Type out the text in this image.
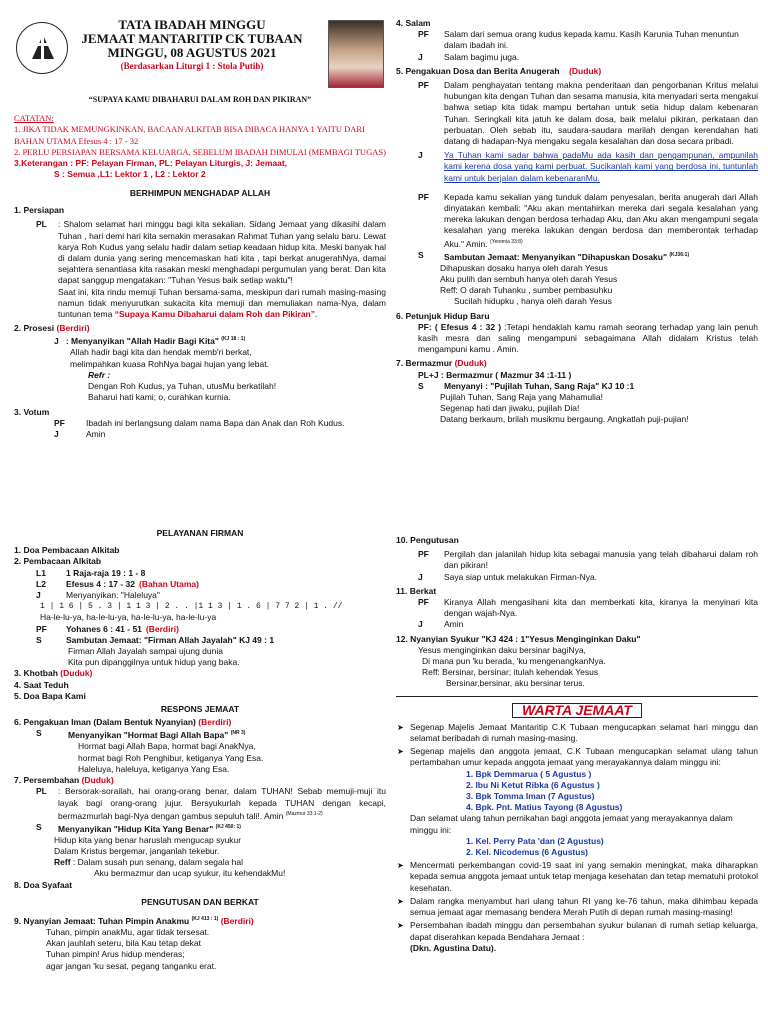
TATA IBADAH MINGGU
JEMAAT MANTARITIP CK TUBAAN
MINGGU, 08 AGUSTUS 2021
(Berdasarkan Liturgi 1 : Stola Putih)
“SUPAYA KAMU DIBAHARUI DALAM ROH DAN PIKIRAN”
CATATAN:
1. JIKA TIDAK MEMUNGKINKAN, BACAAN ALKITAB BISA DIBACA HANYA 1 YAITU DARI BAHAN UTAMA Efesus 4 : 17 - 32
2. PERLU PERSIAPAN BERSAMA KELUARGA, SEBELUM IBADAH DIMULAI (MEMBAGI TUGAS)
3.Keterangan : PF: Pelayan Firman, PL: Pelayan Liturgis, J: Jemaat,
S : Semua ,L1: Lektor 1 , L2 : Lektor 2
BERHIMPUN MENGHADAP ALLAH
1. Persiapan
PL	: Shalom selamat hari minggu bagi kita sekalian. Sidang Jemaat yang dikasihi dalam Tuhan , hari demi hari kita semakin merasakan Rahmat Tuhan yang selalu baru. Lewat karya Roh Kudus yang selalu hadir dalam setiap keadaan hidup kita. Meski banyak hal di dalam dunia yang sering mencemaskan hati kita , tapi berkat anugerahNya, damai sejahtera senantiasa kita rasakan meski menghadapi pergumulan yang berat. Dan kita dapat sanggup mengatakan: "Tuhan Yesus baik setiap waktu"!
Saat ini, kita rindu memuji Tuhan bersama-sama, meskipun dari rumah masing-masing namun tidak menyurutkan sukacita kita memuji dan memuliakan nama-Nya, dalam tuntunan tema “Supaya Kamu Dibaharui dalam Roh dan Pikiran”.
2. Prosesi (Berdiri)
J : Menyanyikan "Allah Hadir Bagi Kita" $^{(KJ 18 : 1)}$
Allah hadir bagi kita dan hendak memb'ri berkat,
melimpahkan kuasa RohNya bagai hujan yang lebat.
Refr :
Dengan Roh Kudus, ya Tuhan, utusMu berkatilah!
Baharui hati kami; o, curahkan kurnia.
3. Votum
PF	Ibadah ini berlangsung dalam nama Bapa dan Anak dan Roh Kudus.
J	Amin
4. Salam
PF	Salam dari semua orang kudus kepada kamu. Kasih Karunia Tuhan menuntun dalam ibadah ini.
J	Salam bagimu juga.
5. Pengakuan Dosa dan Berita Anugerah (Duduk)
PF	Dalam penghayatan tentang makna penderitaan dan pengorbanan Kritus melalui hubungan kita dengan Tuhan dan sesama manusia, kita menyadari serta mengakui bahwa setiap kita tidak mampu bertahan untuk setia hidup dalam kebenaran Tuhan. Seringkali kita jatuh ke dalam dosa, baik melalui pikiran, perkataan dan perbuatan. Oleh sebab itu, saudara-saudara marilah dengan kerendahan hati datang di hadapan-Nya mengaku segala kesalahan dan dosa secara pribadi.
J	Ya Tuhan kami sadar bahwa padaMu ada kasih dan pengampunan, ampunilah kami kerena dosa yang kami perbuat. Sucikanlah kami yang berdosa ini, tuntunlah kami untuk berjalan dalam kebenaranMu.
PF	Kepada kamu sekalian yang tunduk dalam penyesalan, berita anugerah dari Allah dinyatakan kembali: "Aku akan mentahirkan mereka dari segala kesalahan yang mereka lakukan dengan berdosa terhadap Aku, dan Aku akan mengampuni segala kesalahan yang mereka lakukan dengan berdosa dan memberontak terhadap Aku." Amin. $^{(Yeremia 33:8)}$
S	Sambutan Jemaat: Menyanyikan "Dihapuskan Dosaku" $^{(KJ36:1)}$
Dihapuskan dosaku hanya oleh darah Yesus
Aku pulih dan sembuh hanya oleh darah Yesus
Reff: O darah Tuhanku , sumber pembasuhku
Sucilah hidupku , hanya oleh darah Yesus
6. Petunjuk Hidup Baru
PF: ( Efesus 4 : 32 ) :Tetapi hendaklah kamu ramah seorang terhadap yang lain penuh kasih mesra dan saling mengampuni sebagaimana Allah didalam Kristus telah mengampuni kamu . Amin.
7. Bermazmur (Duduk)
PL+J : Bermazmur ( Mazmur 34 :1-11 )
S	Menyanyi : "Pujilah Tuhan, Sang Raja" KJ 10 :1
Pujilah Tuhan, Sang Raja yang Mahamulia!
Segenap hati dan jiwaku, pujilah Dia!
Datang berkaum, brilah musikmu bergaung. Angkatlah puji-pujian!
PELAYANAN FIRMAN
1. Doa Pembacaan Alkitab
2. Pembacaan Alkitab
L1	1 Raja-raja 19 : 1 - 8
L2	Efesus 4 : 17 - 32 (Bahan Utama)
J	Menyanyikan: "Haleluya"
1 | 1 6 | 5 . 3 | 1 1 3 | 2 . . |1 1 3 | 1 . 6 | 7 7 2 | 1 . //
Ha-le-lu-ya, ha-le-lu-ya, ha-le-lu-ya, ha-le-lu-ya
PF	Yohanes 6 : 41 - 51 (Berdiri)
S	Sambutan Jemaat: "Firman Allah Jayalah" KJ 49 : 1
Firman Allah Jayalah sampai ujung dunia
Kita pun dipanggilnya untuk hidup yang baka.
3. Khotbah (Duduk)
4. Saat Teduh
5. Doa Bapa Kami
RESPONS JEMAAT
6. Pengakuan Iman (Dalam Bentuk Nyanyian) (Berdiri)
S	Menyanyikan "Hormat Bagi Allah Bapa" $^{(NR 3)}$
Hormat bagi Allah Bapa, hormat bagi AnakNya,
hormat bagi Roh Penghibur, ketiganya Yang Esa.
Haleluya, haleluya, ketiganya Yang Esa.
7. Persembahan (Duduk)
PL	: Bersorak-sorailah, hai orang-orang benar, dalam TUHAN! Sebab memuji-muji itu layak bagi orang-orang jujur. Bersyukurlah kepada TUHAN dengan kecapi, bermazmurlah bagi-Nya dengan gambus sepuluh tali!. Amin $^{(Mazmur 33:1-2)}$
S	Menyanyikan "Hidup Kita Yang Benar" $^{(KJ 450: 1)}$
Hidup kita yang benar haruslah mengucap syukur
Dalam Kristus bergemar, janganlah tekebur.
Reff : Dalam susah pun senang, dalam segala hal
Aku bermazmur dan ucap syukur, itu kehendakMu!
8. Doa Syafaat
PENGUTUSAN DAN BERKAT
9. Nyanyian Jemaat: Tuhan Pimpin Anakmu $^{(KJ 413 : 1)}$ (Berdiri)
Tuhan, pimpin anakMu, agar tidak tersesat.
Akan jauhlah seteru, bila Kau tetap dekat
Tuhan pimpin! Arus hidup menderas;
agar jangan 'ku sesat, pegang tanganku erat.
10. Pengutusan
PF	Pergilah dan jalanilah hidup kita sebagai manusia yang telah dibaharui dalam roh dan pikiran!
J	Saya siap untuk melakukan Firman-Nya.
11. Berkat
PF	Kiranya Allah mengasihani kita dan memberkati kita, kiranya la menyinari kita dengan wajah-Nya.
J	Amin
12. Nyanyian Syukur "KJ 424 : 1"Yesus Menginginkan Daku"
Yesus menginginkan daku bersinar bagiNya,
Di mana pun 'ku berada, 'ku mengenangkanNya.
Reff: Bersinar, bersinar; itulah kehendak Yesus
Bersinar,bersinar, aku bersinar terus.
WARTA JEMAAT
➤ Segenap Majelis Jemaat Mantaritip C.K Tubaan mengucapkan selamat hari minggu dan selamat beribadah di rumah masing-masing.
➤ Segenap majelis dan anggota jemaat, C.K Tubaan mengucapkan selamat ulang tahun pertambahan umur kepada anggota jemaat yang merayakannya dalam minggu ini:
1. Bpk Demmarua ( 5 Agustus )
2. Ibu Ni Ketut Ribka (6 Agustus )
3. Bpk Tomma Iman (7 Agustus)
4. Bpk. Pnt. Matius Tayong (8 Agustus)
Dan selamat ulang tahun pernikahan bagi anggota jemaat yang merayakannya dalam minggu ini:
1. Kel. Perry Pata 'dan (2 Agustus)
2. Kel. Nicodemus (6 Agustus)
➤ Mencermati perkembangan covid-19 saat ini yang semakin meningkat, maka diharapkan kepada semua anggota jemaat untuk tetap menjaga kesehatan dan tetap mematuhi protokol kesehatan.
➤ Dalam rangka menyambut hari ulang tahun RI yang ke-76 tahun, maka dihimbau kepada semua jemaat agar memasang bendera Merah Putih di depan rumah masing-masing!
➤ Persembahan ibadah minggu dan persembahan syukur bulanan di rumah setiap keluarga, dapat diserahkan kepada Bendahara Jemaat :
(Dkn. Agustina Datu).
